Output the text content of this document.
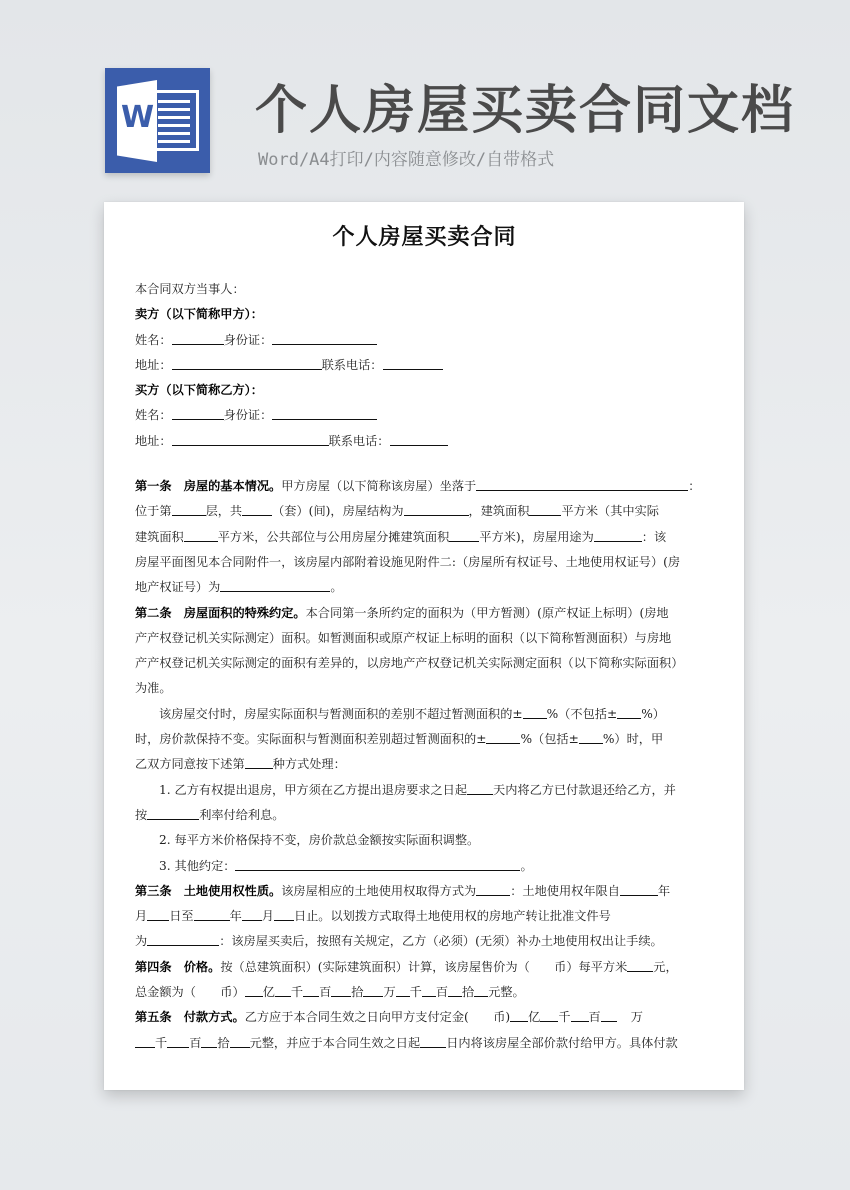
W 个人房屋买卖合同文档
Word/A4打印/内容随意修改/自带格式
个人房屋买卖合同
本合同双方当事人：
卖方（以下简称甲方）：
姓名：	身份证：
地址：	联系电话：
买方（以下简称乙方）：
姓名：	身份证：
地址：	联系电话：
第一条　房屋的基本情况。甲方房屋（以下简称该房屋）坐落于	：
位于第	层，共 （套）(间)，房屋结构为	，建筑面积	平方米（其中实际
建筑面积	平方米，公共部位与公用房屋分摊建筑面积 平方米)，房屋用途为	：该
房屋平面图见本合同附件一，该房屋内部附着设施见附件二:（房屋所有权证号、土地使用权证号）(房
地产权证号）为	。
第二条　房屋面积的特殊约定。本合同第一条所约定的面积为（甲方暂测）(原产权证上标明）(房地
产产权登记机关实际测定）面积。如暂测面积或原产权证上标明的面积（以下简称暂测面积）与房地
产产权登记机关实际测定的面积有差异的，以房地产产权登记机关实际测定面积（以下简称实际面积）
为准。
该房屋交付时，房屋实际面积与暂测面积的差别不超过暂测面积的± %（不包括± %）
时，房价款保持不变。实际面积与暂测面积差别超过暂测面积的±	%（包括± %）时，甲
乙双方同意按下述第 种方式处理：
1. 乙方有权提出退房，甲方须在乙方提出退房要求之日起 天内将乙方已付款退还给乙方，并
按	利率付给利息。
2. 每平方米价格保持不变，房价款总金额按实际面积调整。
3. 其他约定：	。
第三条　土地使用权性质。该房屋相应的土地使用权取得方式为	：土地使用权年限自	年
月 日至	年 月 日止。以划拨方式取得土地使用权的房地产转让批准文件号
为	：该房屋买卖后，按照有关规定，乙方（必须）(无须）补办土地使用权出让手续。
第四条　价格。按（总建筑面积）(实际建筑面积）计算，该房屋售价为（　　币）每平方米 元，
总金额为（　　币） 亿 千 百 拾 万 千 百 拾 元整。
第五条　付款方式。乙方应于本合同生效之日向甲方支付定金(　　币) 亿 千 百 万
千 百 拾 元整，并应于本合同生效之日起 日内将该房屋全部价款付给甲方。具体付款
